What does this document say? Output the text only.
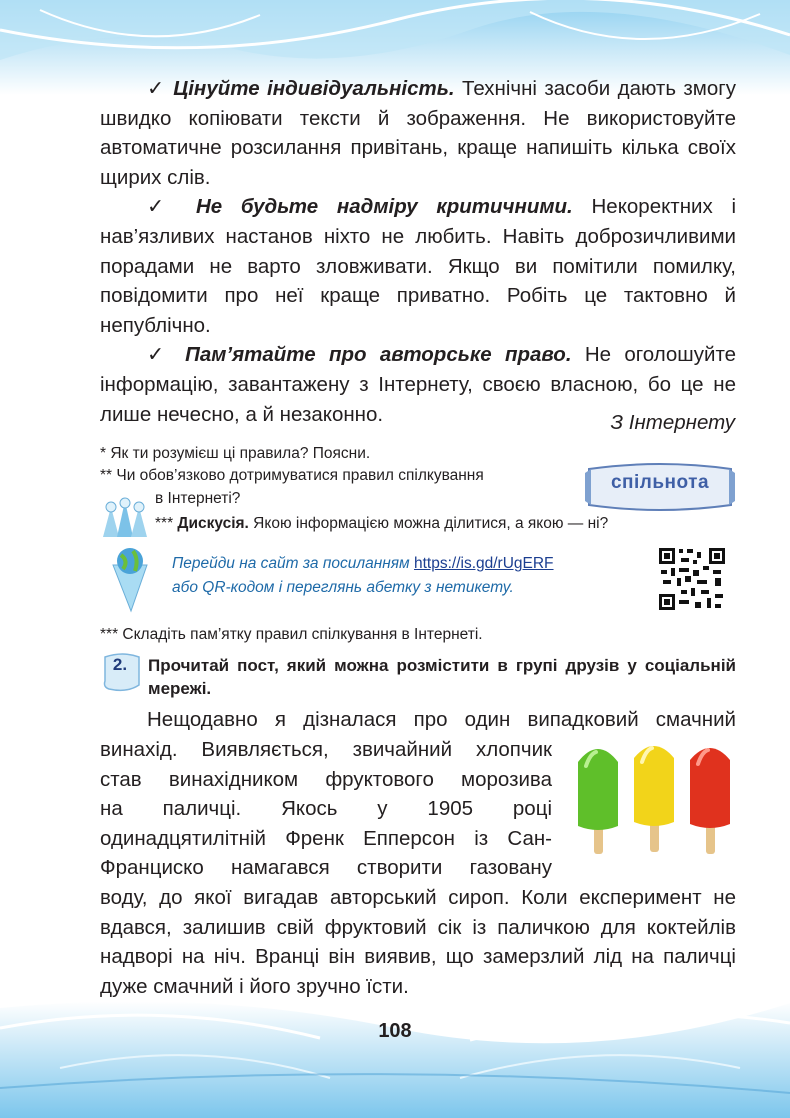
✓ Цінуйте індивідуальність. Технічні засоби дають змогу швидко копіювати тексти й зображення. Не використовуйте автоматичне розсилання привітань, краще напишіть кілька своїх щирих слів.

✓ Не будьте надміру критичними. Некоректних і нав’язливих настанов ніхто не любить. Навіть доброзичливими порадами не варто зловживати. Якщо ви помітили помилку, повідомити про неї краще приватно. Робіть це тактовно й непублічно.

✓ Пам’ятайте про авторське право. Не оголошуйте інформацію, завантажену з Інтернету, своєю власною, бо це не лише нечесно, а й незаконно.	З Інтернету
* Як ти розумієш ці правила? Поясни.
** Чи обов’язково дотримуватися правил спілкування
в Інтернеті?
*** Дискусія. Якою інформацією можна ділитися, а якою — ні?
спільнота
Перейди на сайт за посиланням https://is.gd/rUgERF
або QR-кодом і переглянь абетку з нетикету.
*** Складіть пам’ятку правил спілкування в Інтернеті.
2.	Прочитай пост, який можна розмістити в групі друзів у соціальній мережі.
Нещодавно я дізналася про один випадковий смачний
винахід. Виявляється, звичайний хлопчик
став винахідником фруктового морозива
на паличці. Якось у 1905 році
одинадцятилітній Френк Епперсон із Сан-
Франциско намагався створити газовану
воду, до якої вигадав авторський сироп. Коли експеримент не вдався, залишив свій фруктовий сік із паличкою для коктейлів надворі на ніч. Вранці він виявив, що замерзлий лід на паличці дуже смачний і його зручно їсти.
108
